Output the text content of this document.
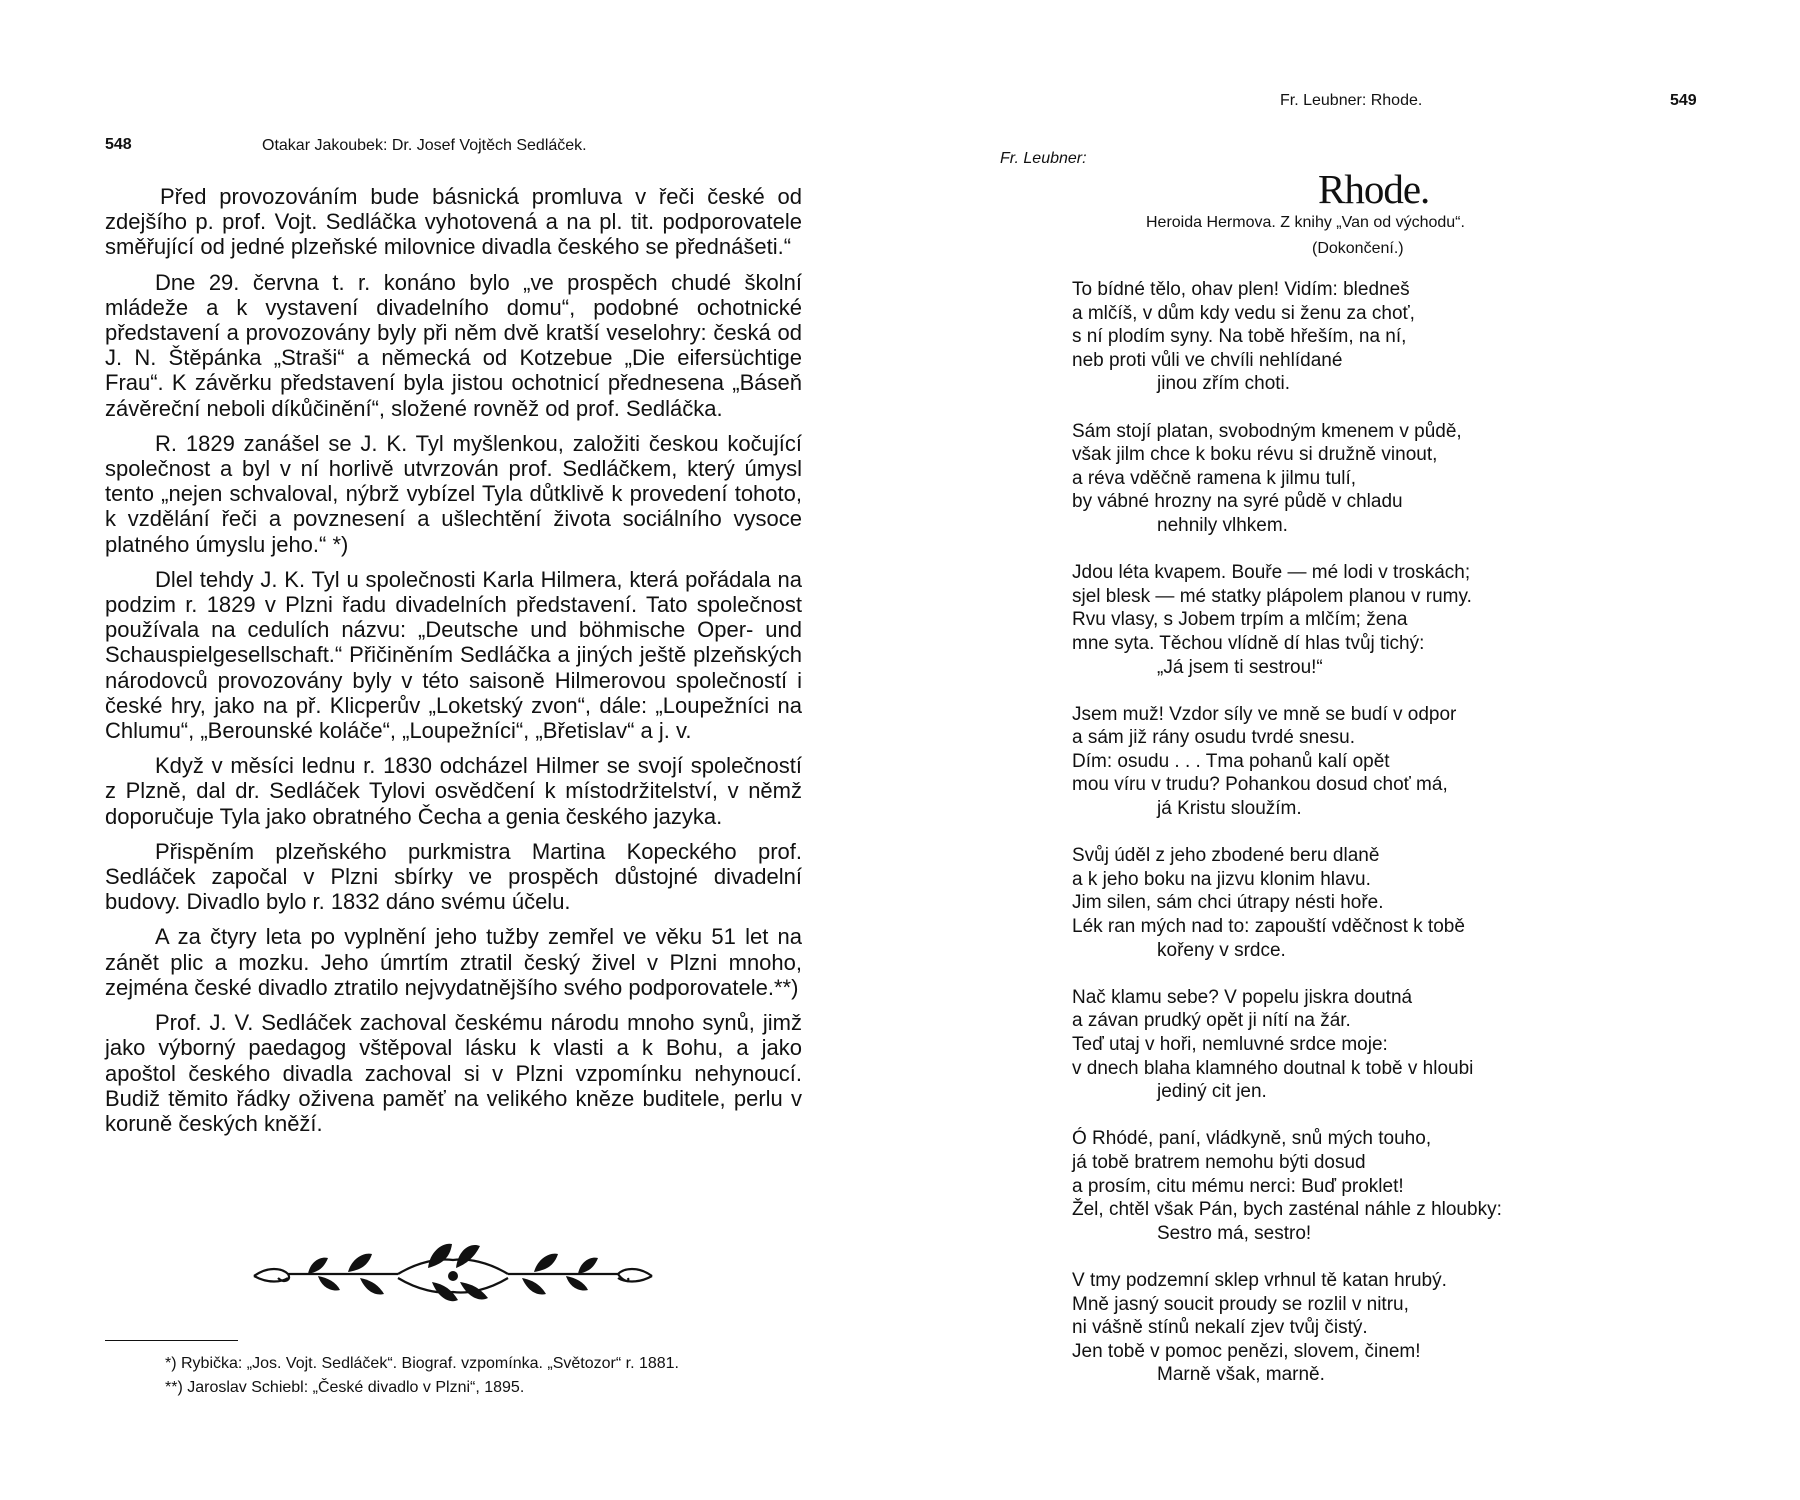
548	Otakar Jakoubek: Dr. Josef Vojtěch Sedláček.

Před provozováním bude básnická promluva v řeči české od zdejšího p. prof. Vojt. Sedláčka vyhotovená a na pl. tit. podporovatele směřující od jedné plzeňské milovnice divadla českého se přednášeti.“

Dne 29. června t. r. konáno bylo „ve prospěch chudé školní mládeže a k vystavení divadelního domu“, podobné ochotnické představení a provozovány byly při něm dvě kratší veselohry: česká od J. N. Štěpánka „Straši“ a německá od Kotzebue „Die eifersüchtige Frau“. K závěrku představení byla jistou ochotnicí přednesena „Báseň závěreční neboli díkůčinění“, složené rovněž od prof. Sedláčka.

R. 1829 zanášel se J. K. Tyl myšlenkou, založiti českou kočující společnost a byl v ní horlivě utvrzován prof. Sedláčkem, který úmysl tento „nejen schvaloval, nýbrž vybízel Tyla důtklivě k provedení tohoto, k vzdělání řeči a povznesení a ušlechtění života sociálního vysoce platného úmyslu jeho.“ *)

Dlel tehdy J. K. Tyl u společnosti Karla Hilmera, která pořádala na podzim r. 1829 v Plzni řadu divadelních představení. Tato společnost používala na cedulích názvu: „Deutsche und böhmische Oper- und Schauspielgesellschaft.“ Přičiněním Sedláčka a jiných ještě plzeňských národovců provozovány byly v této saisoně Hilmerovou společností i české hry, jako na př. Klicperův „Loketský zvon“, dále: „Loupežníci na Chlumu“, „Berounské koláče“, „Loupežníci“, „Břetislav“ a j. v.

Když v měsíci lednu r. 1830 odcházel Hilmer se svojí společností z Plzně, dal dr. Sedláček Tylovi osvědčení k místodržitelství, v němž doporučuje Tyla jako obratného Čecha a genia českého jazyka.

Přispěním plzeňského purkmistra Martina Kopeckého prof. Sedláček započal v Plzni sbírky ve prospěch důstojné divadelní budovy. Divadlo bylo r. 1832 dáno svému účelu.

A za čtyry leta po vyplnění jeho tužby zemřel ve věku 51 let na zánět plic a mozku. Jeho úmrtím ztratil český živel v Plzni mnoho, zejména české divadlo ztratilo nejvydatnějšího svého podporovatele.**)

Prof. J. V. Sedláček zachoval českému národu mnoho synů, jimž jako výborný paedagog vštěpoval lásku k vlasti a k Bohu, a jako apoštol českého divadla zachoval si v Plzni vzpomínku nehynoucí. Budiž těmito řádky oživena paměť na velikého kněze buditele, perlu v koruně českých kněží.

*) Rybička: „Jos. Vojt. Sedláček“. Biograf. vzpomínka. „Světozor“ r. 1881.

**) Jaroslav Schiebl: „České divadlo v Plzni“, 1895.

Fr. Leubner: Rhode.	549
Fr. Leubner:
Rhode.
Heroida Hermova. Z knihy „Van od východu“.
(Dokončení.)
To bídné tělo, ohav plen! Vidím: bledneš
a mlčíš, v dům kdy vedu si ženu za choť,
s ní plodím syny. Na tobě hřeším, na ní,
neb proti vůli ve chvíli nehlídané
jinou zřím choti.
Sám stojí platan, svobodným kmenem v půdě,
však jilm chce k boku révu si družně vinout,
a réva vděčně ramena k jilmu tulí,
by vábné hrozny na syré půdě v chladu
nehnily vlhkem.
Jdou léta kvapem. Bouře — mé lodi v troskách;
sjel blesk — mé statky plápolem planou v rumy.
Rvu vlasy, s Jobem trpím a mlčím; žena
mne syta. Těchou vlídně dí hlas tvůj tichý:
„Já jsem ti sestrou!“
Jsem muž! Vzdor síly ve mně se budí v odpor
a sám již rány osudu tvrdé snesu.
Dím: osudu . . . Tma pohanů kalí opět
mou víru v trudu? Pohankou dosud choť má,
já Kristu sloužím.
Svůj úděl z jeho zbodené beru dlaně
a k jeho boku na jizvu klonim hlavu.
Jim silen, sám chci útrapy nésti hoře.
Lék ran mých nad to: zapouští vděčnost k tobě
kořeny v srdce.
Nač klamu sebe? V popelu jiskra doutná
a závan prudký opět ji nítí na žár.
Teď utaj v hoři, nemluvné srdce moje:
v dnech blaha klamného doutnal k tobě v hloubi
jediný cit jen.
Ó Rhódé, paní, vládkyně, snů mých touho,
já tobě bratrem nemohu býti dosud
a prosím, citu mému nerci: Buď proklet!
Žel, chtěl však Pán, bych zasténal náhle z hloubky:
Sestro má, sestro!
V tmy podzemní sklep vrhnul tě katan hrubý.
Mně jasný soucit proudy se rozlil v nitru,
ni vášně stínů nekalí zjev tvůj čistý.
Jen tobě v pomoc penězi, slovem, činem!
Marně však, marně.
